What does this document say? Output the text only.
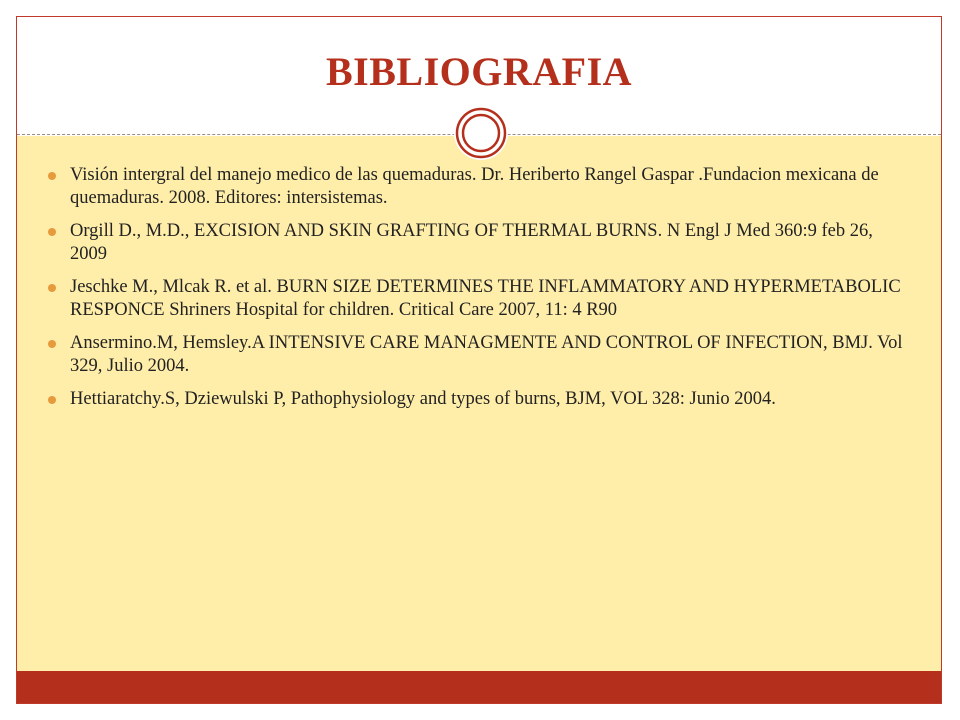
BIBLIOGRAFIA
Visión intergral del manejo medico de las quemaduras. Dr. Heriberto Rangel Gaspar .Fundacion mexicana de quemaduras. 2008. Editores: intersistemas.
Orgill D., M.D., EXCISION AND SKIN GRAFTING OF THERMAL BURNS. N Engl J Med 360:9 feb 26, 2009
Jeschke M., Mlcak R. et al. BURN SIZE DETERMINES THE INFLAMMATORY AND HYPERMETABOLIC RESPONCE Shriners Hospital for children. Critical Care 2007, 11: 4 R90
Ansermino.M, Hemsley.A INTENSIVE CARE MANAGMENTE AND CONTROL OF INFECTION, BMJ. Vol 329, Julio 2004.
Hettiaratchy.S, Dziewulski P, Pathophysiology and types of burns, BJM, VOL 328: Junio 2004.
